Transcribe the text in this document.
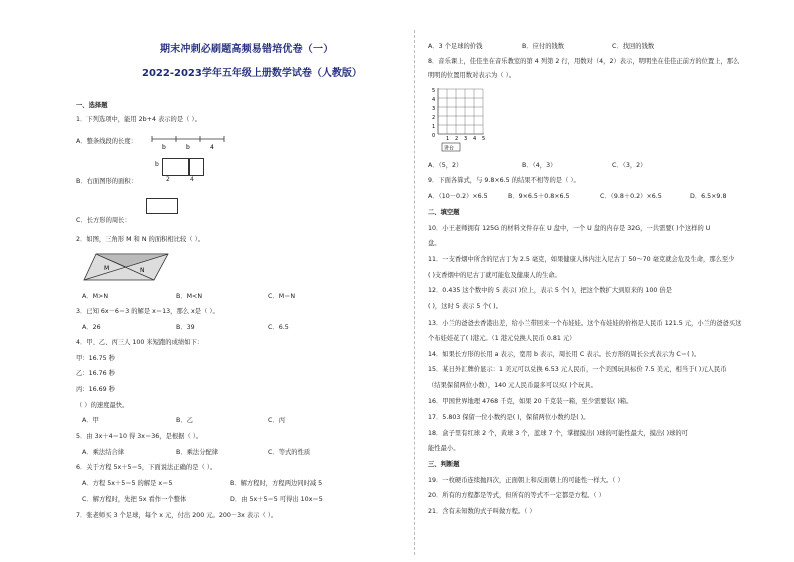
期末冲刺必刷题高频易错培优卷（一）
2022-2023学年五年级上册数学试卷（人教版）
一、选择题
1．下列选项中，能用 2b+4 表示的是（ ）。
A．整条线段的长度：
b	b	4
B．右面图形的面积：
b
2	4
C．长方形的周长：
2．如图，三角形 M 和 N 的面积相比较（ ）。
M	N
A．M>N	B．M<N	C．M＝N
3．已知 6x－6＝3 的解是 x＝13，那么 x是（ ）。
A．26	B．39	C．6.5
4．甲、乙、丙三人 100 米短跑的成绩如下：
甲：16.75 秒
乙：16.76 秒
丙：16.69 秒
（ ）的速度最快。
A．甲	B．乙	C．丙
5．由 3x＋4＝10 得 3x＝36，是根据（ ）。
A．乘法结合律	B．乘法分配律	C．等式的性质
6．关于方程 5x＋5＝5，下面说法正确的是（ ）。
A．方程 5x＋5＝5 的解是 x＝5	B．解方程时，方程两边同时减 5
C．解方程时，先把 5x 看作一个整体	D．由 5x＋5＝5 可得出 10x＝5
7．张老师买 3 个足球，每个 x 元，付出 200 元。200－3x 表示（ ）。
A．3 个足球的价钱	B．应付的钱数	C．找回的钱数
8．音乐课上，佳佳坐在音乐教室的第 4 列第 2 行，用数对（4，2）表示，明明坐在佳佳正前方的位置上，那么
明明的位置用数对表示为（ ）。
5
4
3
2
1
0 1 2 3 4 5
讲台
A．（5，2）	B．（4，3）	C．（3，2）
9．下面各算式，与 9.8×6.5 的结果不相等的是（ ）。
A．（10－0.2）×6.5	B．9×6.5＋0.8×6.5	C．（9.8＋0.2）×6.5	D．6.5×9.8
二、填空题
10．小王老师拥有 125G 的材料文件存在 U 盘中，一个 U 盘的内存是 32G，一共需要( )个这样的 U
盘。
11．一支香烟中所含的尼古丁为 2.5 毫克，如果健康人体内注入尼古丁 50～70 毫克就会危及生命，那么至少
( )支香烟中的尼古丁就可能危及健康人的生命。
12．0.435 这个数中的 5 表示( )位上，表示 5 个( )，把这个数扩大到原来的 100 倍是
( )，这时 5 表示 5 个( )。
13．小兰的爸爸去香港出差，给小兰带回来一个布娃娃。这个布娃娃的价格是人民币 121.5 元，小兰的爸爸买这
个布娃娃花了( )港元。（1 港元兑换人民币 0.81 元）
14．如果长方形的长用 a 表示，宽用 b 表示，周长用 C 表示。长方形的周长公式表示为 C＝( )。
15．某日外汇牌价显示：1 美元可以兑换 6.53 元人民币，一个美国玩具标价 7.5 美元，相当于( )元人民币
（结果保留两位小数），140 元人民币最多可以买( )个玩具。
16．甲国世界地理 4768 千克，如果 20 千克装一箱，至少需要装( )箱。
17．5.803 保留一位小数约是( )，保留两位小数约是( )。
18．盒子里有红球 2 个，黄球 3 个，蓝球 7 个，掌握摸出( )球的可能性最大，摸出( )球的可
能性最小。
三、判断题
19．一枚硬币连续抛四次，正面朝上和反面朝上的可能性一样大。（ ）
20．所有的方程都是等式，但所有的等式不一定都是方程。（ ）
21．含有未知数的式子叫做方程。（ ）
